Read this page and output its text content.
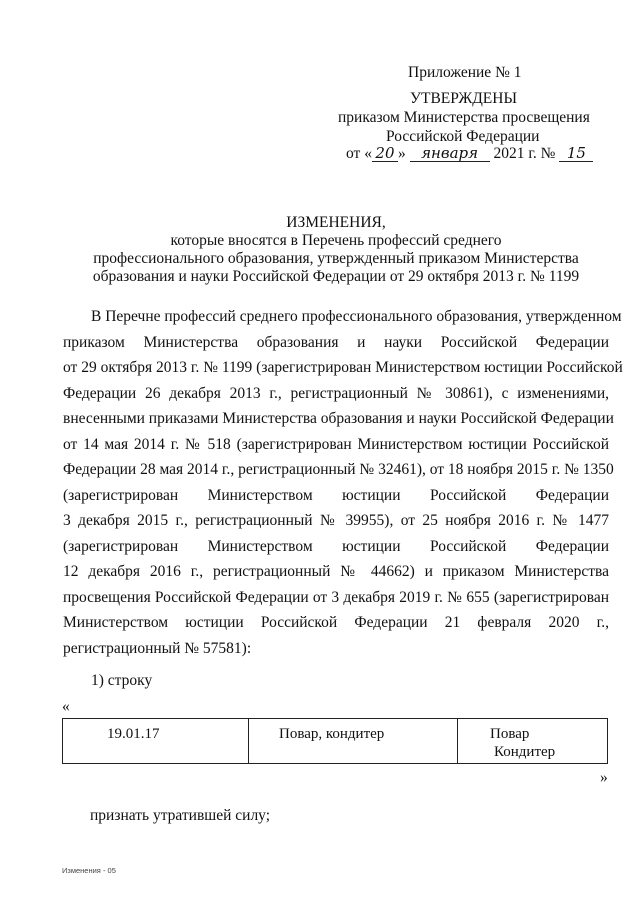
Приложение № 1
УТВЕРЖДЕНЫ
приказом Министерства просвещения
Российской Федерации
от « 20 » января 2021 г. № 15
ИЗМЕНЕНИЯ,
которые вносятся в Перечень профессий среднего
профессионального образования, утвержденный приказом Министерства
образования и науки Российской Федерации от 29 октября 2013 г. № 1199
В Перечне профессий среднего профессионального образования, утвержденном
приказом Министерства образования и науки Российской Федерации
от 29 октября 2013 г. № 1199 (зарегистрирован Министерством юстиции Российской
Федерации 26 декабря 2013 г., регистрационный № 30861), с изменениями,
внесенными приказами Министерства образования и науки Российской Федерации
от 14 мая 2014 г. № 518 (зарегистрирован Министерством юстиции Российской
Федерации 28 мая 2014 г., регистрационный № 32461), от 18 ноября 2015 г. № 1350
(зарегистрирован Министерством юстиции Российской Федерации
3 декабря 2015 г., регистрационный № 39955), от 25 ноября 2016 г. № 1477
(зарегистрирован Министерством юстиции Российской Федерации
12 декабря 2016 г., регистрационный № 44662) и приказом Министерства
просвещения Российской Федерации от 3 декабря 2019 г. № 655 (зарегистрирован
Министерством юстиции Российской Федерации 21 февраля 2020 г.,
регистрационный № 57581):
1) строку
«
19.01.17	Повар, кондитер	Повар
Кондитер
»
признать утратившей силу;
Изменения - 05
